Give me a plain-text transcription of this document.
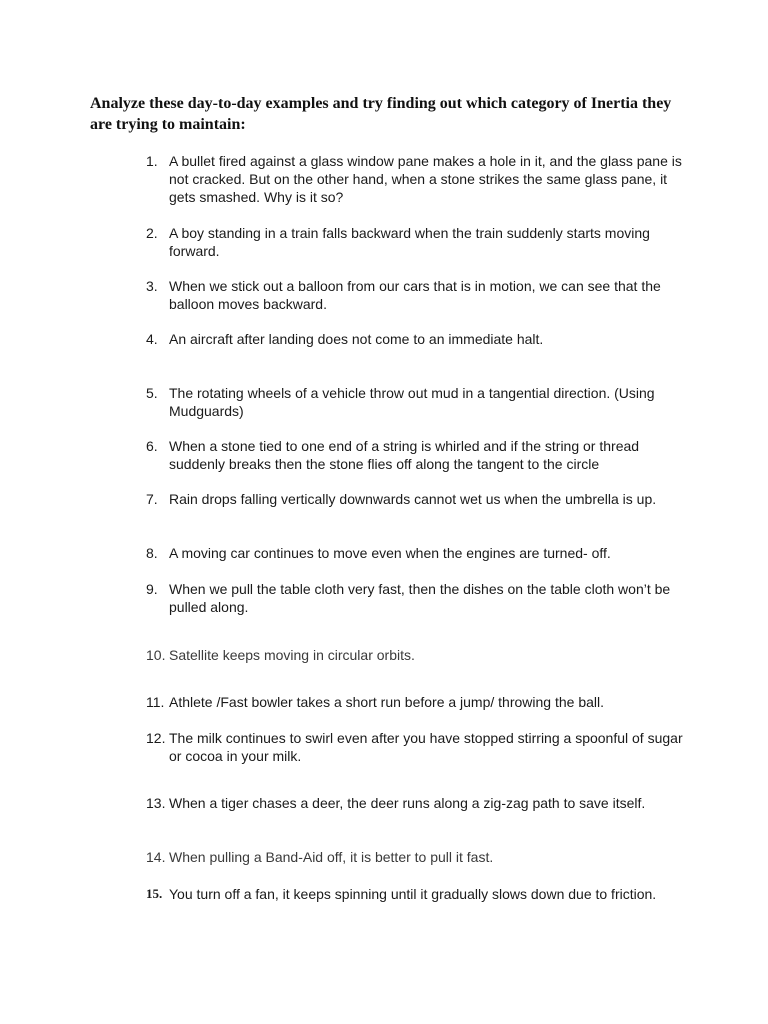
Analyze these day-to-day examples and try finding out which category of Inertia they are trying to maintain:
1. A bullet fired against a glass window pane makes a hole in it, and the glass pane is not cracked. But on the other hand, when a stone strikes the same glass pane, it gets smashed. Why is it so?
2. A boy standing in a train falls backward when the train suddenly starts moving forward.
3. When we stick out a balloon from our cars that is in motion, we can see that the balloon moves backward.
4. An aircraft after landing does not come to an immediate halt.
5. The rotating wheels of a vehicle throw out mud in a tangential direction. (Using Mudguards)
6. When a stone tied to one end of a string is whirled and if the string or thread suddenly breaks then the stone flies off along the tangent to the circle
7. Rain drops falling vertically downwards cannot wet us when the umbrella is up.
8. A moving car continues to move even when the engines are turned- off.
9. When we pull the table cloth very fast, then the dishes on the table cloth won’t be pulled along.
10. Satellite keeps moving in circular orbits.
11. Athlete /Fast bowler takes a short run before a jump/ throwing the ball.
12. The milk continues to swirl even after you have stopped stirring a spoonful of sugar or cocoa in your milk.
13. When a tiger chases a deer, the deer runs along a zig-zag path to save itself.
14. When pulling a Band-Aid off, it is better to pull it fast.
15. You turn off a fan, it keeps spinning until it gradually slows down due to friction.
